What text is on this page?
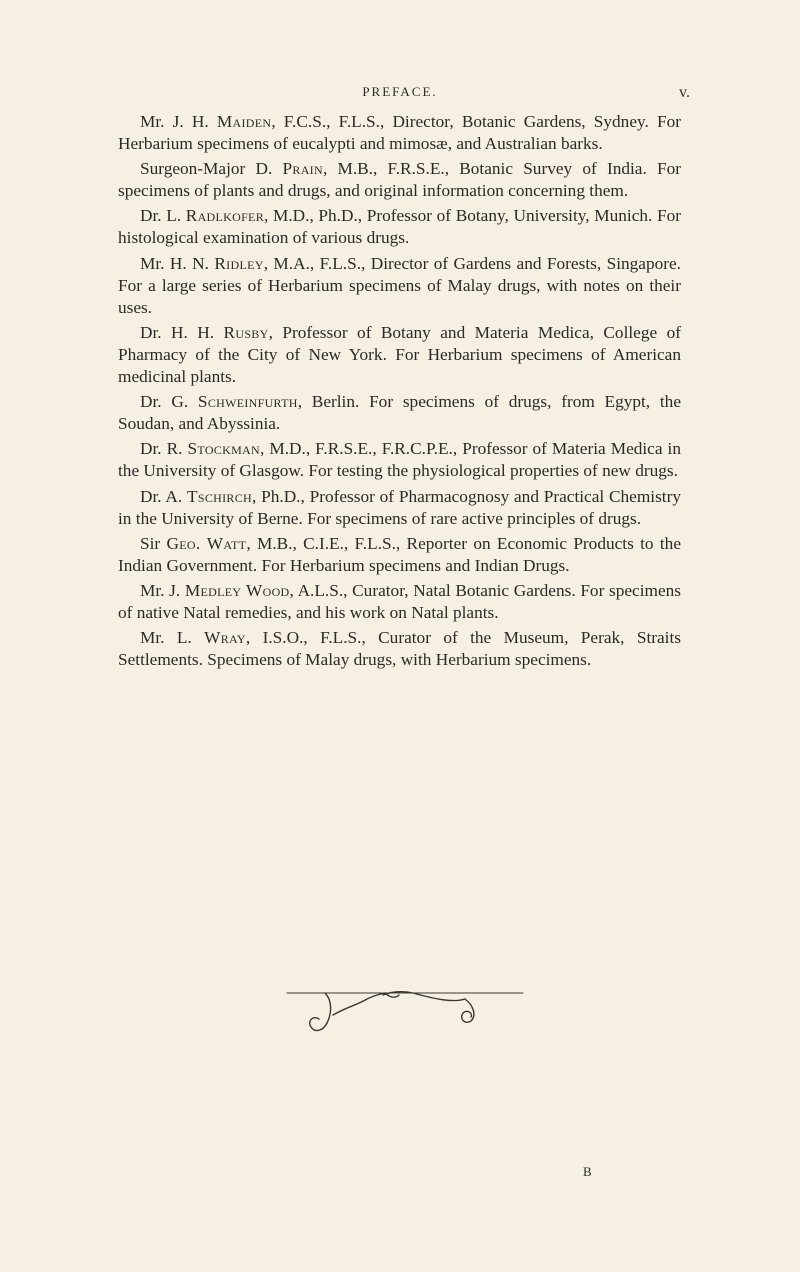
PREFACE.	v.

Mr. J. H. Maiden, F.C.S., F.L.S., Director, Botanic Gardens, Sydney. For Herbarium specimens of eucalypti and mimosæ, and Australian barks.

Surgeon-Major D. Prain, M.B., F.R.S.E., Botanic Survey of India. For specimens of plants and drugs, and original information concerning them.

Dr. L. Radlkofer, M.D., Ph.D., Professor of Botany, University, Munich. For histological examination of various drugs.

Mr. H. N. Ridley, M.A., F.L.S., Director of Gardens and Forests, Singapore. For a large series of Herbarium specimens of Malay drugs, with notes on their uses.

Dr. H. H. Rusby, Professor of Botany and Materia Medica, College of Pharmacy of the City of New York. For Herbarium specimens of American medicinal plants.

Dr. G. Schweinfurth, Berlin. For specimens of drugs, from Egypt, the Soudan, and Abyssinia.

Dr. R. Stockman, M.D., F.R.S.E., F.R.C.P.E., Professor of Materia Medica in the University of Glasgow. For testing the physiological properties of new drugs.

Dr. A. Tschirch, Ph.D., Professor of Pharmacognosy and Practical Chemistry in the University of Berne. For specimens of rare active principles of drugs.

Sir Geo. Watt, M.B., C.I.E., F.L.S., Reporter on Economic Products to the Indian Government. For Herbarium specimens and Indian Drugs.

Mr. J. Medley Wood, A.L.S., Curator, Natal Botanic Gardens. For specimens of native Natal remedies, and his work on Natal plants.

Mr. L. Wray, I.S.O., F.L.S., Curator of the Museum, Perak, Straits Settlements. Specimens of Malay drugs, with Herbarium specimens.

B
